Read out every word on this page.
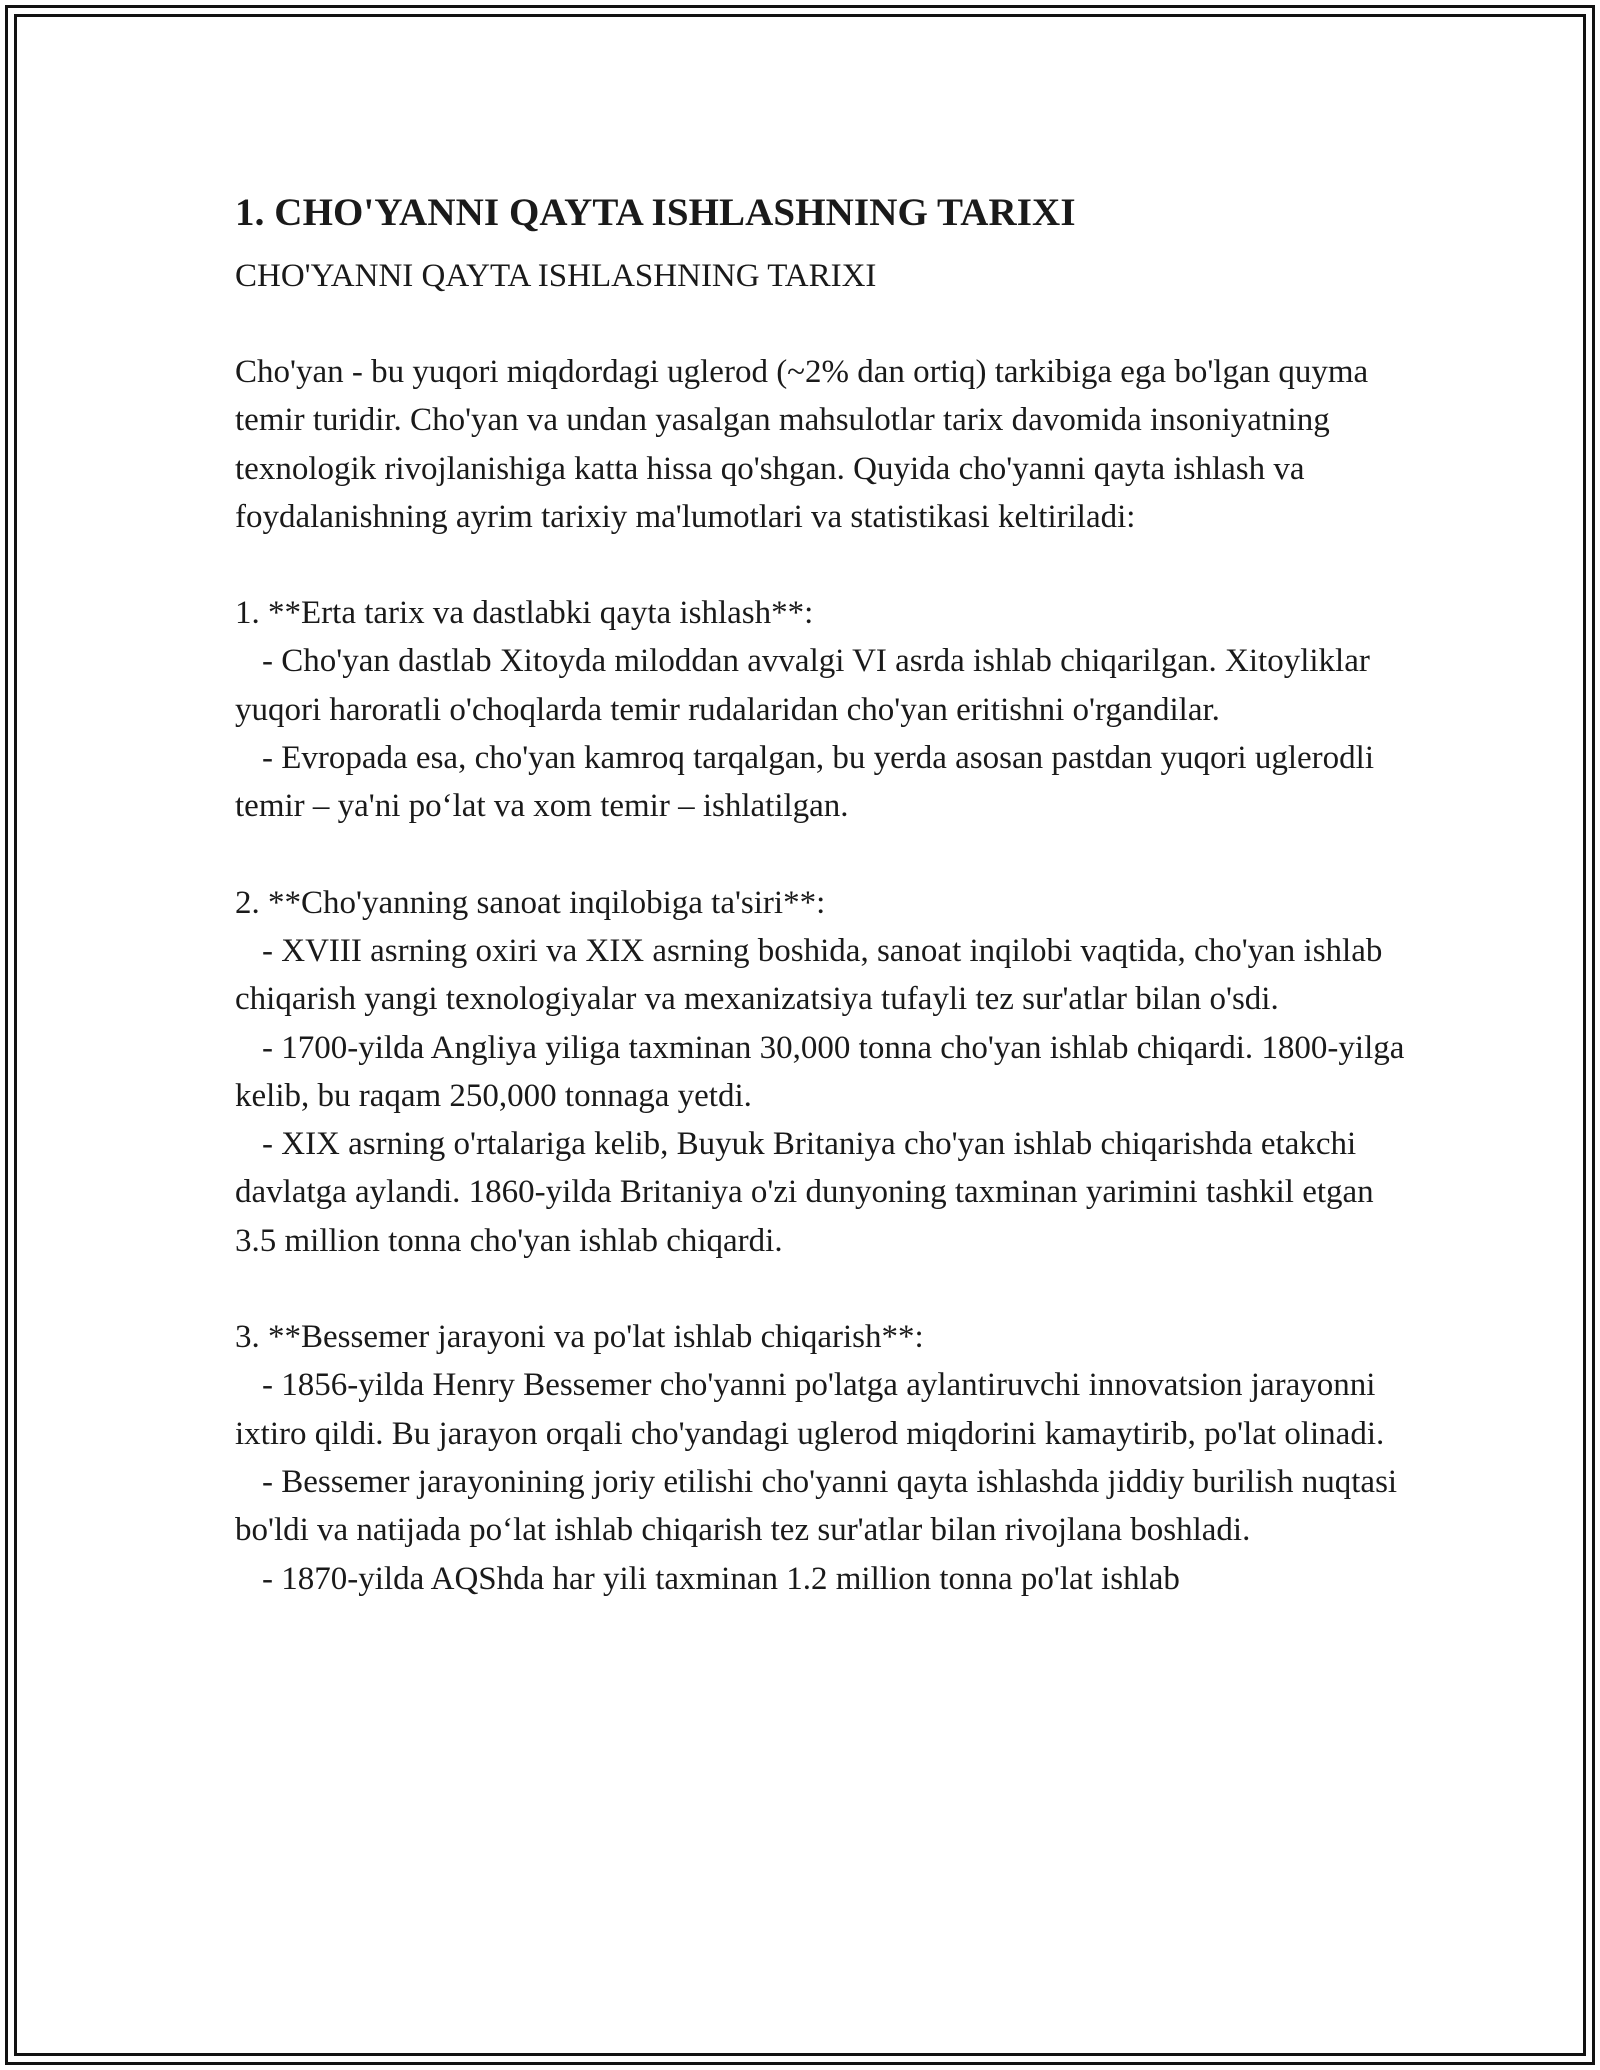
1. CHO'YANNI QAYTA ISHLASHNING TARIXI
CHO'YANNI QAYTA ISHLASHNING TARIXI

Cho'yan - bu yuqori miqdordagi uglerod (~2% dan ortiq) tarkibiga ega bo'lgan quyma temir turidir. Cho'yan va undan yasalgan mahsulotlar tarix davomida insoniyatning texnologik rivojlanishiga katta hissa qo'shgan. Quyida cho'yanni qayta ishlash va foydalanishning ayrim tarixiy ma'lumotlari va statistikasi keltiriladi:

1. **Erta tarix va dastlabki qayta ishlash**:
- Cho'yan dastlab Xitoyda miloddan avvalgi VI asrda ishlab chiqarilgan. Xitoyliklar yuqori haroratli o'choqlarda temir rudalaridan cho'yan eritishni o'rgandilar.
- Evropada esa, cho'yan kamroq tarqalgan, bu yerda asosan pastdan yuqori uglerodli temir – ya'ni po‘lat va xom temir – ishlatilgan.
2. **Cho'yanning sanoat inqilobiga ta'siri**:
- XVIII asrning oxiri va XIX asrning boshida, sanoat inqilobi vaqtida, cho'yan ishlab chiqarish yangi texnologiyalar va mexanizatsiya tufayli tez sur'atlar bilan o'sdi.
- 1700-yilda Angliya yiliga taxminan 30,000 tonna cho'yan ishlab chiqardi. 1800-yilga kelib, bu raqam 250,000 tonnaga yetdi.
- XIX asrning o'rtalariga kelib, Buyuk Britaniya cho'yan ishlab chiqarishda etakchi davlatga aylandi. 1860-yilda Britaniya o'zi dunyoning taxminan yarimini tashkil etgan 3.5 million tonna cho'yan ishlab chiqardi.
3. **Bessemer jarayoni va po'lat ishlab chiqarish**:
- 1856-yilda Henry Bessemer cho'yanni po'latga aylantiruvchi innovatsion jarayonni ixtiro qildi. Bu jarayon orqali cho'yandagi uglerod miqdorini kamaytirib, po'lat olinadi.
- Bessemer jarayonining joriy etilishi cho'yanni qayta ishlashda jiddiy burilish nuqtasi bo'ldi va natijada po‘lat ishlab chiqarish tez sur'atlar bilan rivojlana boshladi.
- 1870-yilda AQShda har yili taxminan 1.2 million tonna po'lat ishlab
